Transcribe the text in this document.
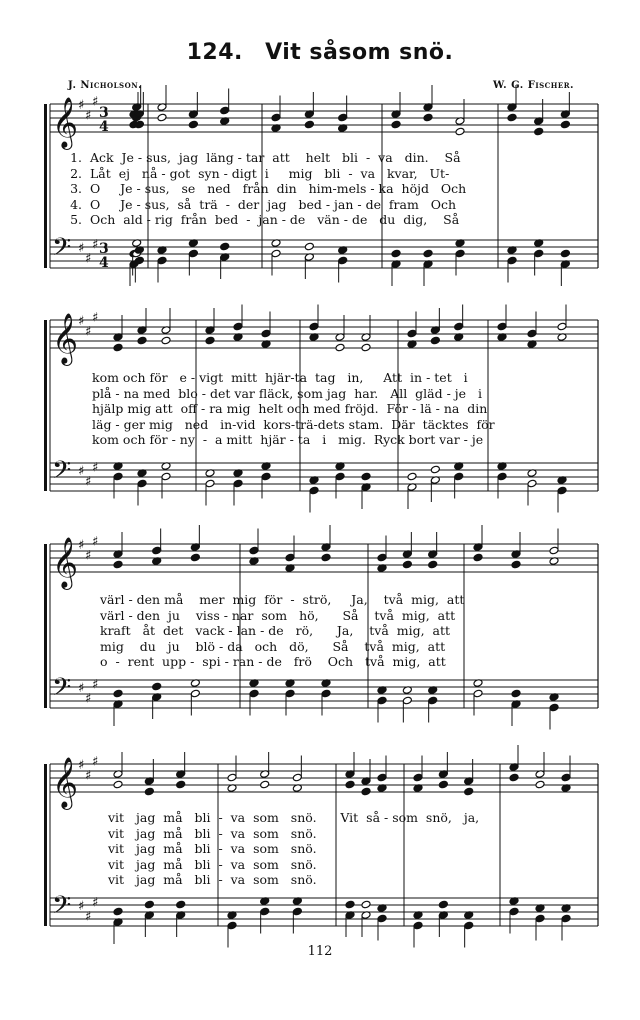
124. Vit såsom snö.
J. Nicholson.	W. G. Fischer.
𝄞 ♯
♯
♯
3
4
𝄢 ♯
♯
♯ 3
4
1.
2.
3.
4.
5.
Ack  Je - sus,  jag  läng - tar  att    helt   bli  -  va   din.    Så
Låt  ej   nå - got  syn - digt  i     mig   bli  -  va   kvar,   Ut-
O     Je - sus,   se   ned   från  din   him-mels - ka  höjd   Och
O     Je - sus,  så  trä  -  der  jag   bed - jan - de  fram   Och
Och  ald - rig  från  bed  -  jan - de   vän - de   du  dig,    Så
𝄞 ♯
♯
♯
𝄢 ♯
♯
♯
kom och för   e - vigt  mitt  hjär-ta  tag   in,     Att  in - tet   i
plå - na med  blo - det var fläck, som jag  har.   All  gläd - je   i
hjälp mig att  off - ra mig  helt och med fröjd.  För - lä - na  din
läg - ger mig   ned   in-vid  kors-trä-dets stam.  Där  täcktes  för
kom och för - ny  -  a mitt  hjär - ta   i   mig.  Ryck bort var - je
𝄞 ♯
♯
♯
𝄢 ♯
♯
♯
värl - den må    mer  mig  för  -  strö,     Ja,    två  mig,  att
värl - den  ju    viss - nar  som   hö,      Så    två  mig,  att
kraft   åt  det   vack - lan - de   rö,      Ja,    två  mig,  att
mig    du   ju    blö - da   och   dö,      Så    två  mig,  att
o  -  rent  upp -  spi - ran - de   frö    Och   två  mig,  att
𝄞 ♯
♯
♯
𝄢 ♯
♯
♯
vit   jag  må   bli  -  va  som   snö.      Vit  så - som  snö,   ja,
vit   jag  må   bli  -  va  som   snö.
vit   jag  må   bli  -  va  som   snö.
vit   jag  må   bli  -  va  som   snö.
vit   jag  må   bli  -  va  som   snö.
112
